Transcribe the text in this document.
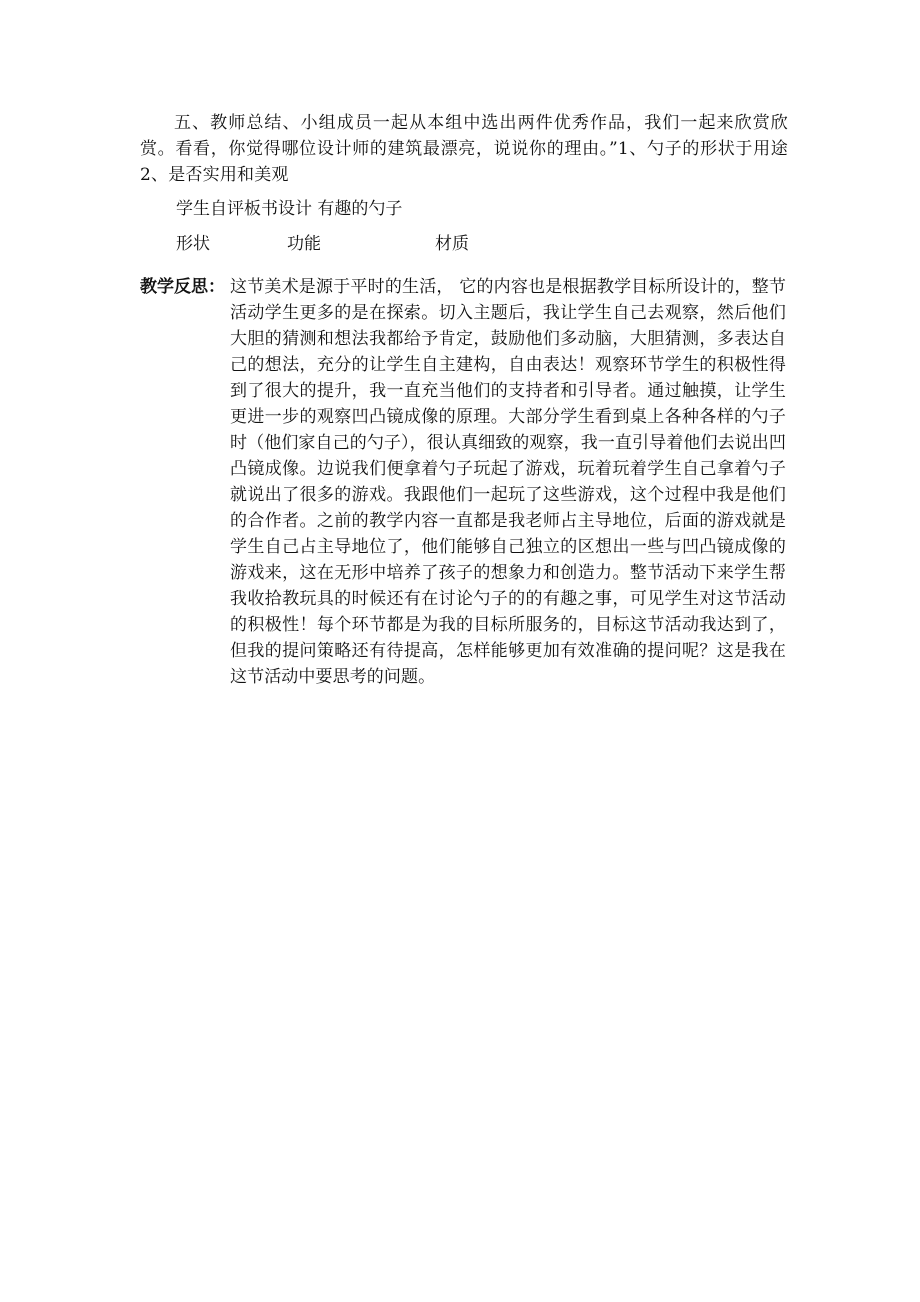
五、教师总结、小组成员一起从本组中选出两件优秀作品，我们一起来欣赏欣赏。看看，你觉得哪位设计师的建筑最漂亮，说说你的理由。”1、勺子的形状于用途 2、是否实用和美观
学生自评板书设计 有趣的勺子
形状	功能	材质
教学反思： 这节美术是源于平时的生活， 它的内容也是根据教学目标所设计的，整节活动学生更多的是在探索。切入主题后，我让学生自己去观察，然后他们大胆的猜测和想法我都给予肯定，鼓励他们多动脑，大胆猜测，多表达自己的想法，充分的让学生自主建构，自由表达！观察环节学生的积极性得到了很大的提升，我一直充当他们的支持者和引导者。通过触摸，让学生更进一步的观察凹凸镜成像的原理。大部分学生看到桌上各种各样的勺子时（他们家自己的勺子），很认真细致的观察，我一直引导着他们去说出凹凸镜成像。边说我们便拿着勺子玩起了游戏，玩着玩着学生自己拿着勺子就说出了很多的游戏。我跟他们一起玩了这些游戏，这个过程中我是他们的合作者。之前的教学内容一直都是我老师占主导地位，后面的游戏就是学生自己占主导地位了，他们能够自己独立的区想出一些与凹凸镜成像的游戏来，这在无形中培养了孩子的想象力和创造力。整节活动下来学生帮我收拾教玩具的时候还有在讨论勺子的的有趣之事，可见学生对这节活动的积极性！每个环节都是为我的目标所服务的，目标这节活动我达到了，但我的提问策略还有待提高，怎样能够更加有效准确的提问呢？这是我在这节活动中要思考的问题。
